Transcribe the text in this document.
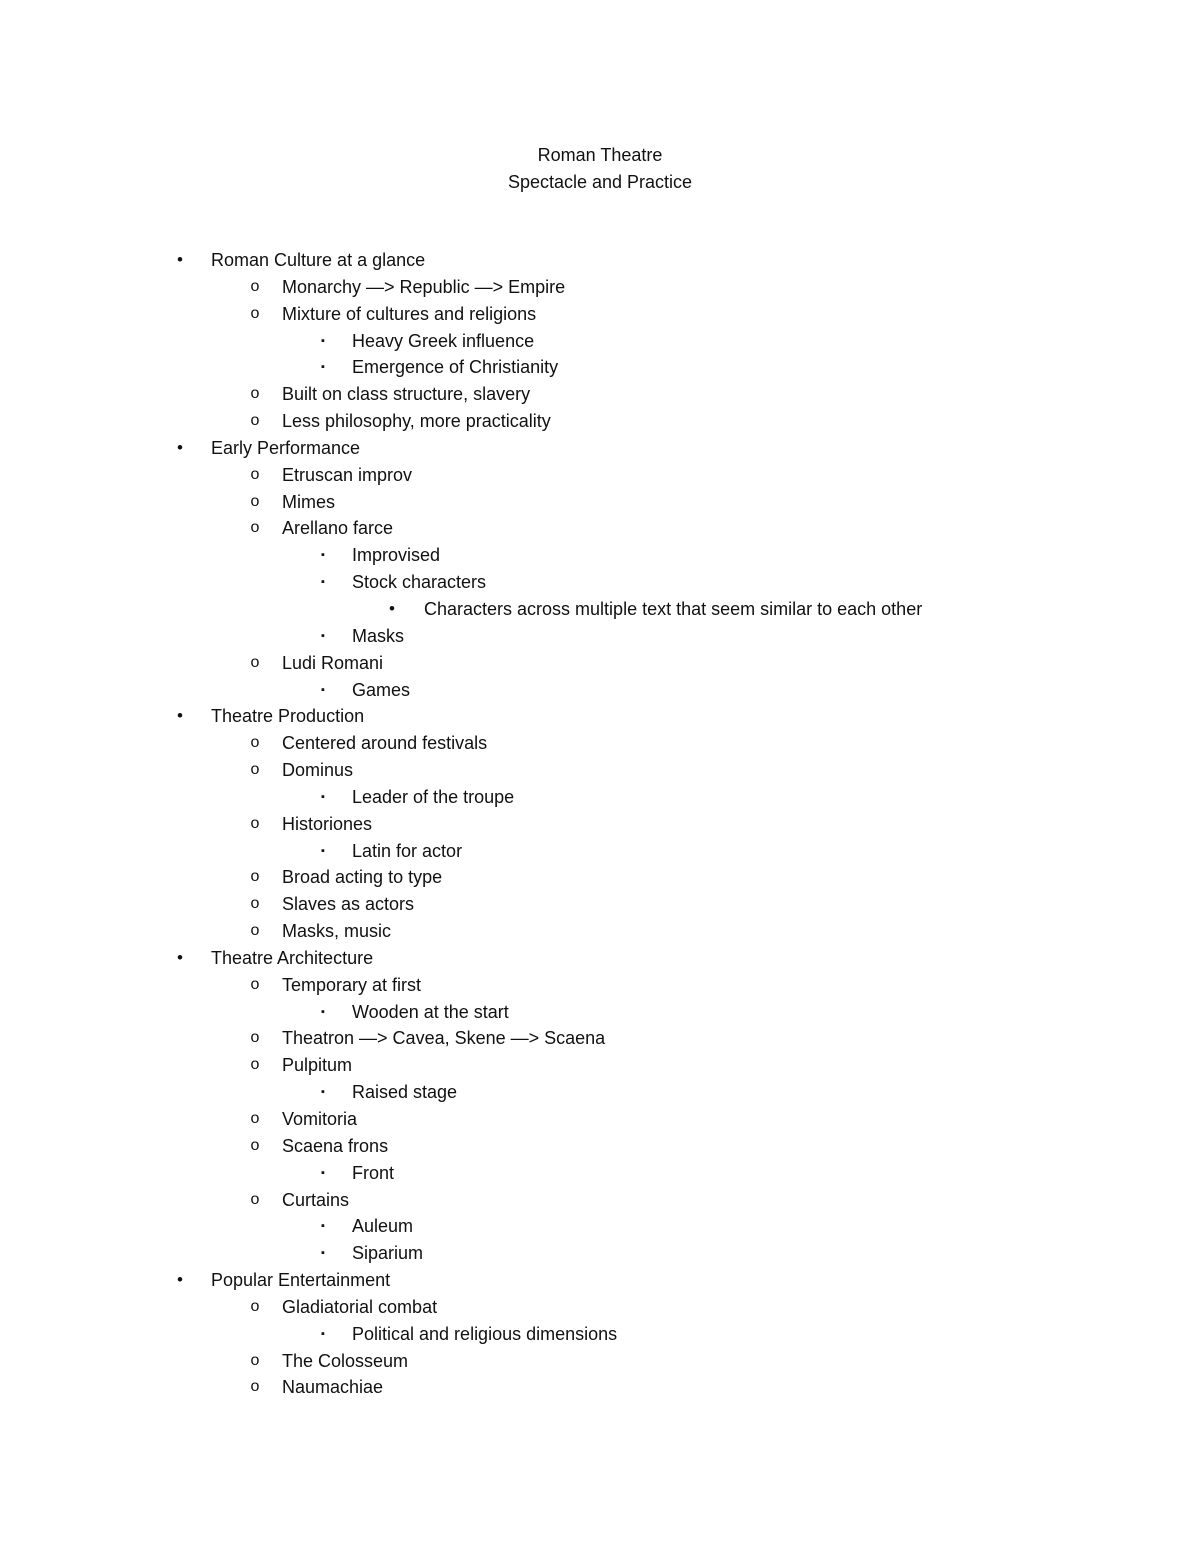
Roman Theatre
Spectacle and Practice
•	Roman Culture at a glance
o	Monarchy —> Republic —> Empire
o	Mixture of cultures and religions
▪	Heavy Greek influence
▪	Emergence of Christianity
o	Built on class structure, slavery
o	Less philosophy, more practicality
•	Early Performance
o	Etruscan improv
o	Mimes
o	Arellano farce
▪	Improvised
▪	Stock characters
•	Characters across multiple text that seem similar to each other
▪	Masks
o	Ludi Romani
▪	Games
•	Theatre Production
o	Centered around festivals
o	Dominus
▪	Leader of the troupe
o	Historiones
▪	Latin for actor
o	Broad acting to type
o	Slaves as actors
o	Masks, music
•	Theatre Architecture
o	Temporary at first
▪	Wooden at the start
o	Theatron —> Cavea, Skene —> Scaena
o	Pulpitum
▪	Raised stage
o	Vomitoria
o	Scaena frons
▪	Front
o	Curtains
▪	Auleum
▪	Siparium
•	Popular Entertainment
o	Gladiatorial combat
▪	Political and religious dimensions
o	The Colosseum
o	Naumachiae
